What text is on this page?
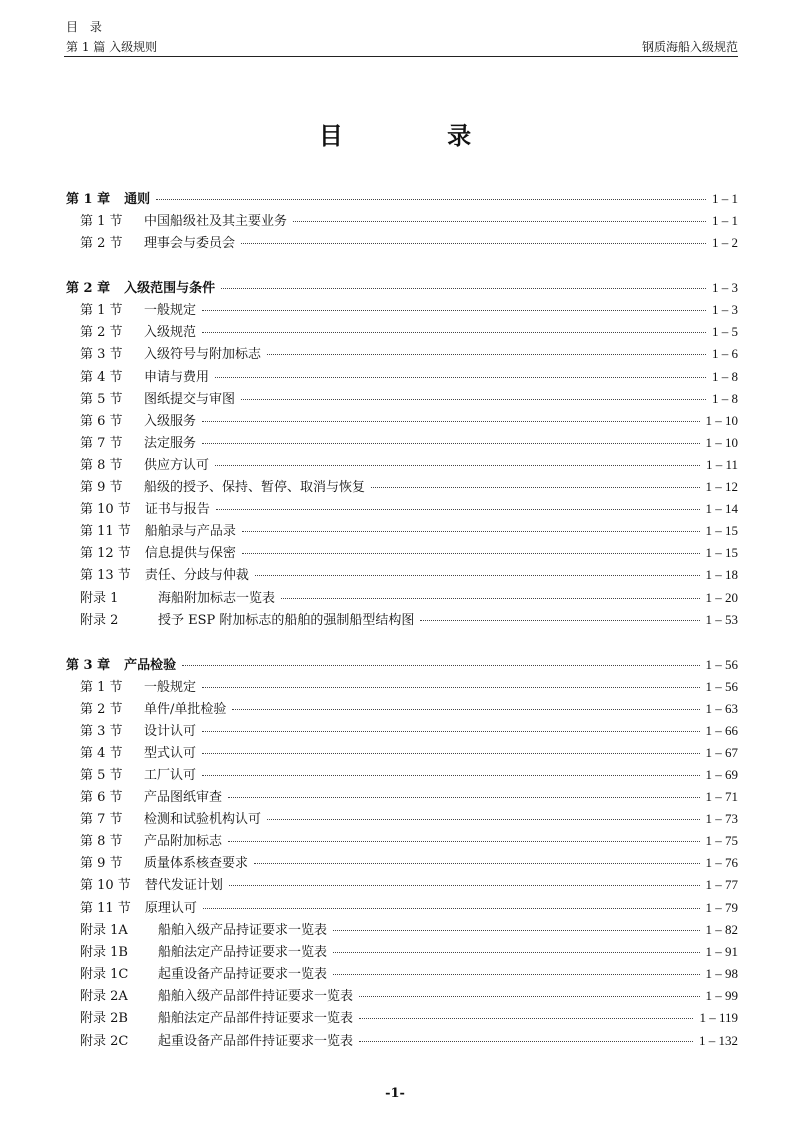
目 录
第 1 篇 入级规则	钢质海船入级规范
目 录
第 1 章 通则	1 – 1
第 1 节	中国船级社及其主要业务	1 – 1
第 2 节	理事会与委员会	1 – 2
第 2 章 入级范围与条件	1 – 3
第 1 节	一般规定	1 – 3
第 2 节	入级规范	1 – 5
第 3 节	入级符号与附加标志	1 – 6
第 4 节	申请与费用	1 – 8
第 5 节	图纸提交与审图	1 – 8
第 6 节	入级服务	1 – 10
第 7 节	法定服务	1 – 10
第 8 节	供应方认可	1 – 11
第 9 节	船级的授予、保持、暂停、取消与恢复	1 – 12
第 10 节 证书与报告	1 – 14
第 11 节 船舶录与产品录	1 – 15
第 12 节 信息提供与保密	1 – 15
第 13 节 责任、分歧与仲裁	1 – 18
附录 1	海船附加标志一览表	1 – 20
附录 2	授予 ESP 附加标志的船舶的强制船型结构图	1 – 53
第 3 章 产品检验	1 – 56
第 1 节	一般规定	1 – 56
第 2 节	单件/单批检验	1 – 63
第 3 节	设计认可	1 – 66
第 4 节	型式认可	1 – 67
第 5 节	工厂认可	1 – 69
第 6 节	产品图纸审查	1 – 71
第 7 节	检测和试验机构认可	1 – 73
第 8 节	产品附加标志	1 – 75
第 9 节	质量体系核查要求	1 – 76
第 10 节 替代发证计划	1 – 77
第 11 节 原理认可	1 – 79
附录 1A	船舶入级产品持证要求一览表	1 – 82
附录 1B	船舶法定产品持证要求一览表	1 – 91
附录 1C	起重设备产品持证要求一览表	1 – 98
附录 2A	船舶入级产品部件持证要求一览表	1 – 99
附录 2B	船舶法定产品部件持证要求一览表	1 – 119
附录 2C	起重设备产品部件持证要求一览表	1 – 132
-1-
